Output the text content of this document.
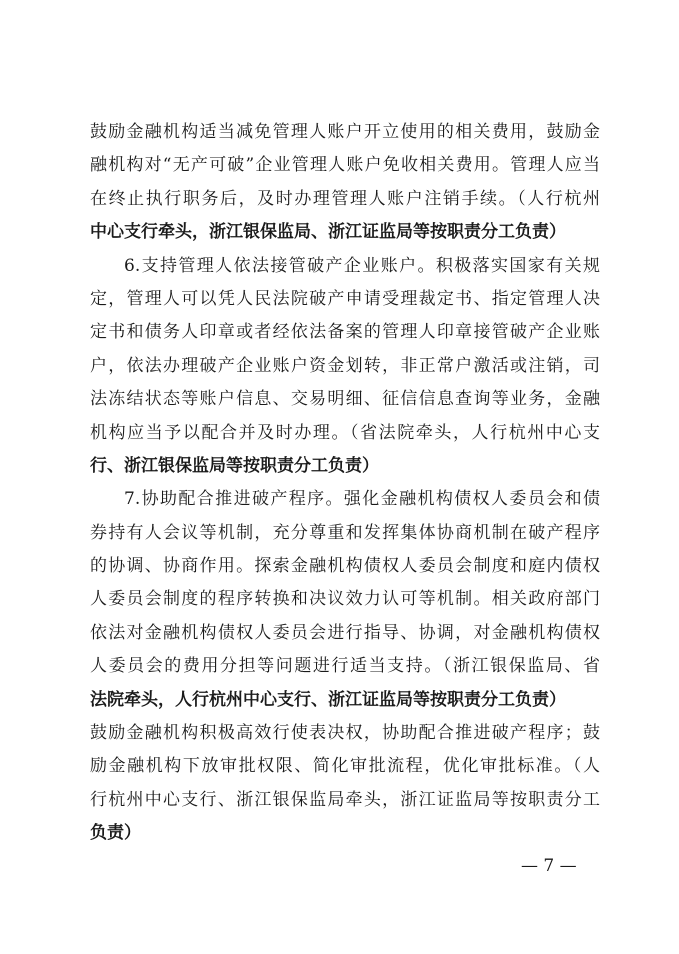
鼓励金融机构适当减免管理人账户开立使用的相关费用，鼓励金
融机构对“无产可破”企业管理人账户免收相关费用。管理人应当
在终止执行职务后，及时办理管理人账户注销手续。（人行杭州
中心支行牵头，浙江银保监局、浙江证监局等按职责分工负责）
6.支持管理人依法接管破产企业账户。积极落实国家有关规
定，管理人可以凭人民法院破产申请受理裁定书、指定管理人决
定书和债务人印章或者经依法备案的管理人印章接管破产企业账
户，依法办理破产企业账户资金划转，非正常户激活或注销，司
法冻结状态等账户信息、交易明细、征信信息查询等业务，金融
机构应当予以配合并及时办理。（省法院牵头，人行杭州中心支
行、浙江银保监局等按职责分工负责）
7.协助配合推进破产程序。强化金融机构债权人委员会和债
券持有人会议等机制，充分尊重和发挥集体协商机制在破产程序
的协调、协商作用。探索金融机构债权人委员会制度和庭内债权
人委员会制度的程序转换和决议效力认可等机制。相关政府部门
依法对金融机构债权人委员会进行指导、协调，对金融机构债权
人委员会的费用分担等问题进行适当支持。（浙江银保监局、省
法院牵头，人行杭州中心支行、浙江证监局等按职责分工负责）
鼓励金融机构积极高效行使表决权，协助配合推进破产程序；鼓
励金融机构下放审批权限、简化审批流程，优化审批标准。（人
行杭州中心支行、浙江银保监局牵头，浙江证监局等按职责分工
负责）
— 7 —
